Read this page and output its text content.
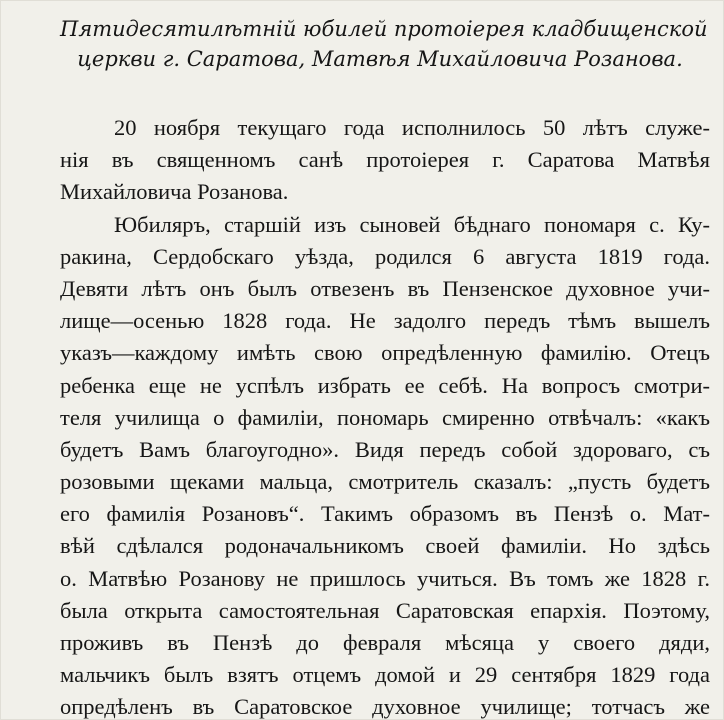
Пятидесятилѣтній юбилей протоіерея кладбищенской
церкви г. Саратова, Матвѣя Михайловича Розанова.
20 ноября текущаго года исполнилось 50 лѣтъ служе-
нія въ священномъ санѣ протоіерея г. Саратова Матвѣя
Михайловича Розанова.
Юбиляръ, старшій изъ сыновей бѣднаго пономаря с. Ку-
ракина, Сердобскаго уѣзда, родился 6 августа 1819 года.
Девяти лѣтъ онъ былъ отвезенъ въ Пензенское духовное учи-
лище—осенью 1828 года. Не задолго передъ тѣмъ вышелъ
указъ—каждому имѣть свою опредѣленную фамилію. Отецъ
ребенка еще не успѣлъ избрать ее себѣ. На вопросъ смотри-
теля училища о фамиліи, пономарь смиренно отвѣчалъ: «какъ
будетъ Вамъ благоугодно». Видя передъ собой здороваго, съ
розовыми щеками мальца, смотритель сказалъ: „пусть будетъ
его фамилія Розановъ“. Такимъ образомъ въ Пензѣ о. Мат-
вѣй сдѣлался родоначальникомъ своей фамиліи. Но здѣсь
о. Матвѣю Розанову не пришлось учиться. Въ томъ же 1828 г.
была открыта самостоятельная Саратовская епархія. Поэтому,
проживъ въ Пензѣ до февраля мѣсяца у своего дяди,
мальчикъ былъ взятъ отцемъ домой и 29 сентября 1829 года
опредѣленъ въ Саратовское духовное училище; тотчасъ же
